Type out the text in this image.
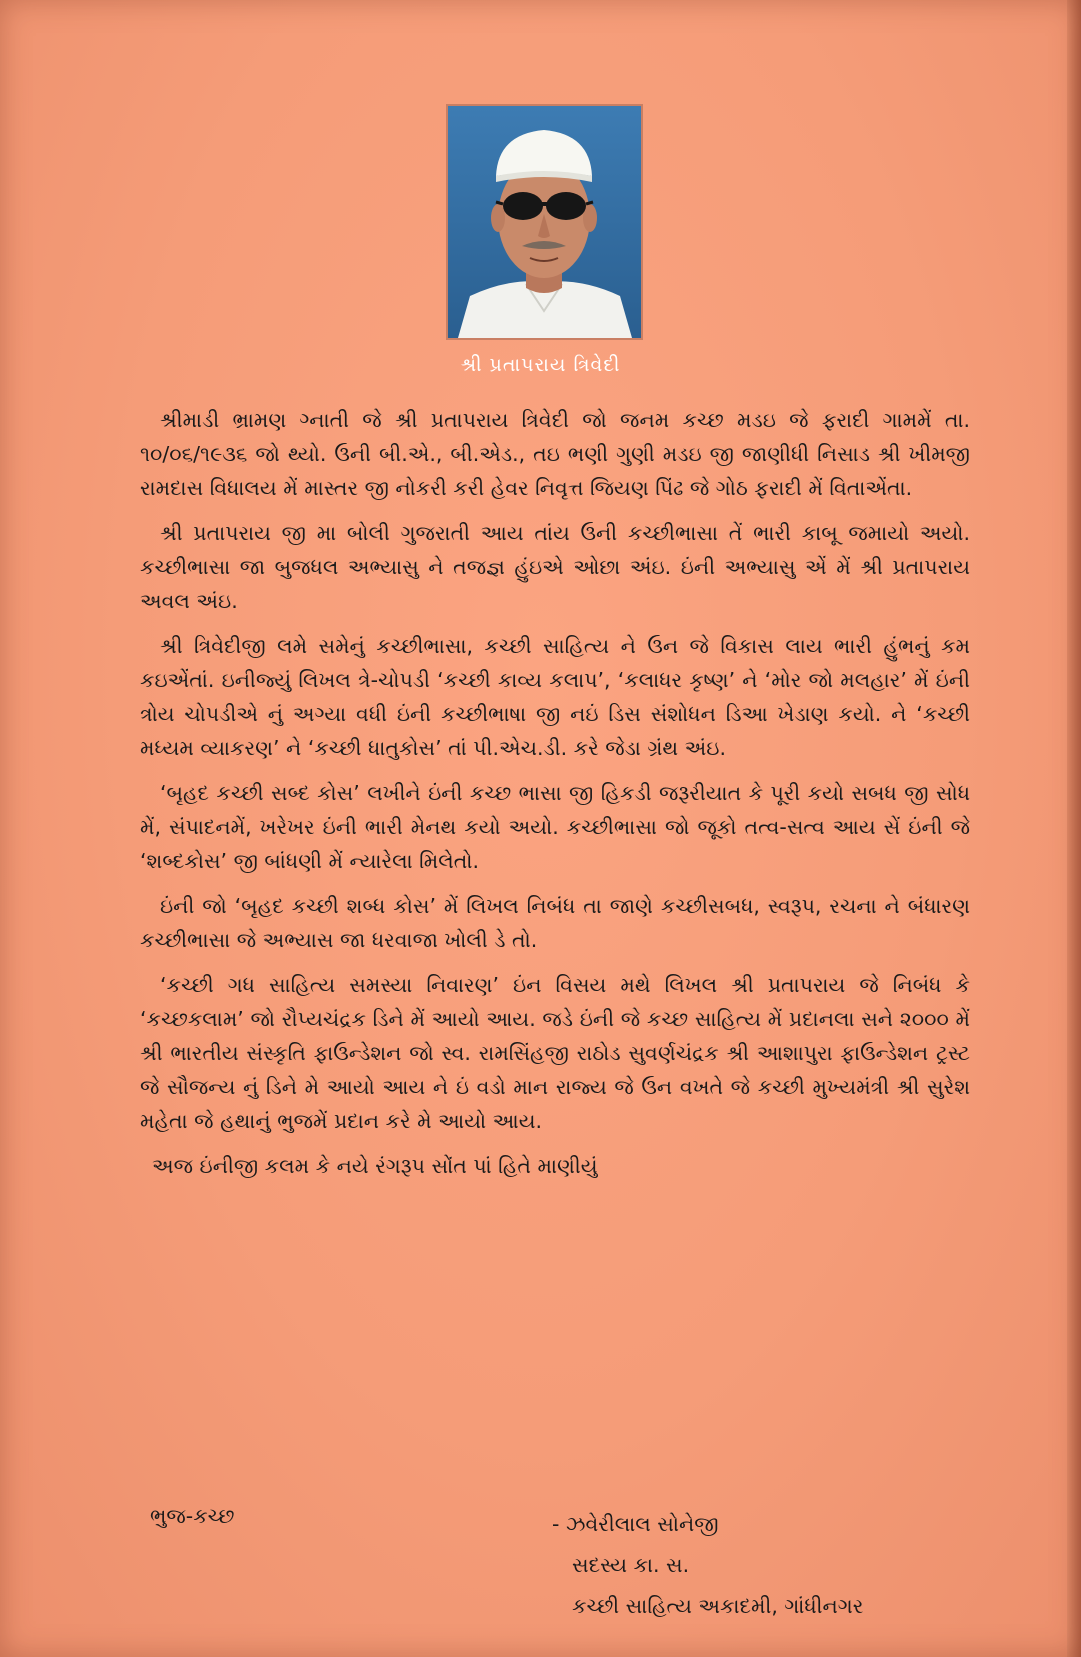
શ્રી પ્રતાપરાય ત્રિવેદી

શ્રીમાડી ભ્રામણ ગ્નાતી જે શ્રી પ્રતાપરાય ત્રિવેદી જો જનમ કચ્છ મડઇ જે ફરાદી ગામમેં તા. ૧૦/૦૬/૧૯૩૬ જો થ્યો. ઉની બી.એ., બી.એડ., તઇ ભણી ગુણી મડઇ જી જાણીધી નિસાડ શ્રી ખીમજી રામદાસ વિધાલય મેં માસ્તર જી નોકરી કરી હેવર નિવૃત્ત જિયણ પિંઢ જે ગોઠ ફરાદી મેં વિતાએંતા.

શ્રી પ્રતાપરાય જી મા બોલી ગુજરાતી આય તાંય ઉની કચ્છીભાસા તેં ભારી કાબૂ જમાયો અયો. કચ્છીભાસા જા બુજધલ અભ્યાસુ ને તજજ્ઞ હુંઇએ ઓછા અંઇ. ઇંની અભ્યાસુ એં મેં શ્રી પ્રતાપરાય અવલ અંઇ.

શ્રી ત્રિવેદીજી લમે સમેનું કચ્છીભાસા, કચ્છી સાહિત્ય ને ઉન જે વિકાસ લાય ભારી હુંભનું કમ કઇએંતાં. ઇનીજ્યું લિખલ ત્રે-ચોપડી ‘કચ્છી કાવ્ય કલાપ’, ‘કલાધર કૃષ્ણ’ ને ‘મોર જો મલહાર’ મેં ઇંની ત્રોય ચોપડીએ નું અગ્યા વધી ઇંની કચ્છીભાષા જી નઇં ડિસ સંશોધન ડિઆ ખેડાણ કયો. ને ‘કચ્છી મધ્યમ વ્યાકરણ’ ને ‘કચ્છી ધાતુકોસ’ તાં પી.એચ.ડી. કરે જેડા ગ્રંથ અંઇ.

‘બૃહદ કચ્છી સબ્દ કોસ’ લખીને ઇંની કચ્છ ભાસા જી હિકડી જરૂરીયાત કે પૂરી કયો સબધ જી સોધ મેં, સંપાદનમેં, ખરેખર ઇંની ભારી મેનથ કયો અયો. કચ્છીભાસા જો જૂકો તત્વ-સત્વ આય સેં ઇંની જે ‘શબ્દકોસ’ જી બાંધણી મેં ન્યારેલા મિલેતો.

ઇંની જો ‘બૃહદ કચ્છી શબ્ધ કોસ’ મેં લિખલ નિબંધ તા જાણે કચ્છીસબધ, સ્વરૂપ, રચના ને બંધારણ કચ્છીભાસા જે અભ્યાસ જા ધરવાજા ખોલી ડે તો.

‘કચ્છી ગધ સાહિત્ય સમસ્યા નિવારણ’ ઇંન વિસય મથે લિખલ શ્રી પ્રતાપરાય જે નિબંધ કે ‘કચ્છકલામ’ જો રૌપ્યચંદ્રક ડિને મેં આયો આય. જડે ઇંની જે કચ્છ સાહિત્ય મેં પ્રદાનલા સને ૨૦૦૦ મેં શ્રી ભારતીય સંસ્કૃતિ ફાઉન્ડેશન જો સ્વ. રામસિંહજી રાઠોડ સુવર્ણચંદ્રક શ્રી આશાપુરા ફાઉન્ડેશન ટ્રસ્ટ જે સૌજન્ય નું ડિને મે આયો આય ને ઇં વડો માન રાજ્ય જે ઉન વખતે જે કચ્છી મુખ્યમંત્રી શ્રી સુરેશ મહેતા જે હથાનું ભુજમેં પ્રદાન કરે મે આયો આય.

અજ ઇંનીજી કલમ કે નયે રંગરૂપ સોંત પાં હિતે માણીયું

ભુજ-કચ્છ	- ઝવેરીલાલ સોનેજી
સદસ્ય કા. સ.
કચ્છી સાહિત્ય અકાદમી, ગાંધીનગર
